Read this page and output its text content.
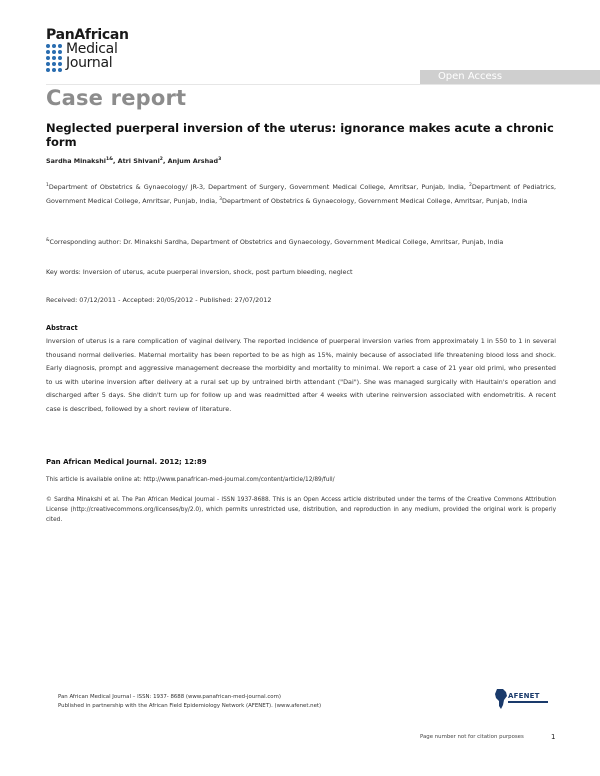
PanAfrican
Medical
Journal
Open Access
Case report
Neglected puerperal inversion of the uterus: ignorance makes acute a chronic form
Sardha Minakshi$^{1\&}$, Atri Shivani$^2$, Anjum Arshad$^3$
$^1$Department of Obstetrics & Gynaecology/ JR-3, Department of Surgery, Government Medical College, Amritsar, Punjab, India, $^2$Department of Pediatrics, Government Medical College, Amritsar, Punjab, India, $^3$Department of Obstetrics & Gynaecology, Government Medical College, Amritsar, Punjab, India
&Corresponding author: Dr. Minakshi Sardha, Department of Obstetrics and Gynaecology, Government Medical College, Amritsar, Punjab, India
Key words: Inversion of uterus, acute puerperal inversion, shock, post partum bleeding, neglect
Received: 07/12/2011 - Accepted: 20/05/2012 - Published: 27/07/2012
Abstract
Inversion of uterus is a rare complication of vaginal delivery. The reported incidence of puerperal inversion varies from approximately 1 in 550 to 1 in several thousand normal deliveries. Maternal mortality has been reported to be as high as 15%, mainly because of associated life threatening blood loss and shock. Early diagnosis, prompt and aggressive management decrease the morbidity and mortality to minimal. We report a case of 21 year old primi, who presented to us with uterine inversion after delivery at a rural set up by untrained birth attendant ("Dai"). She was managed surgically with Haultain's operation and discharged after 5 days. She didn't turn up for follow up and was readmitted after 4 weeks with uterine reinversion associated with endometritis. A recent case is described, followed by a short review of literature.
Pan African Medical Journal. 2012; 12:89
This article is available online at: http://www.panafrican-med-journal.com/content/article/12/89/full/
© Sardha Minakshi et al. The Pan African Medical Journal - ISSN 1937-8688. This is an Open Access article distributed under the terms of the Creative Commons Attribution License (http://creativecommons.org/licenses/by/2.0), which permits unrestricted use, distribution, and reproduction in any medium, provided the original work is properly cited.
Pan African Medical Journal – ISSN: 1937- 8688 (www.panafrican-med-journal.com)
Published in partnership with the African Field Epidemiology Network (AFENET). (www.afenet.net)
AFENET
Page number not for citation purposes	1
